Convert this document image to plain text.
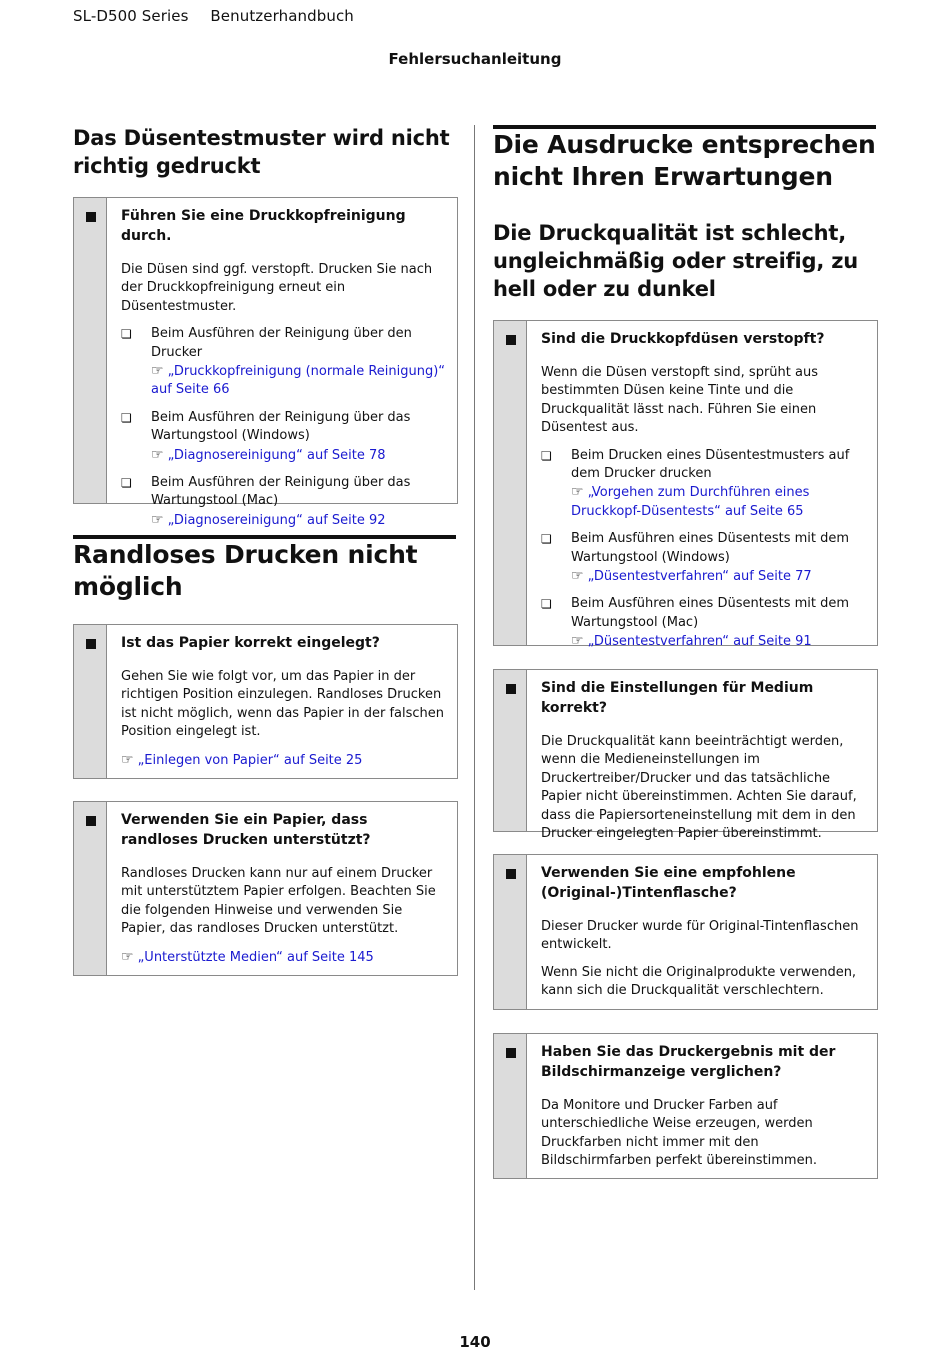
SL-D500 Series Benutzerhandbuch
Fehlersuchanleitung
Das Düsentestmuster wird nicht richtig gedruckt
Führen Sie eine Druckkopfreinigung durch.
Die Düsen sind ggf. verstopft. Drucken Sie nach der Druckkopfreinigung erneut ein Düsentestmuster.
❏	Beim Ausführen der Reinigung über den Drucker
☞ „Druckkopfreinigung (normale Reinigung)“ auf Seite 66
❏	Beim Ausführen der Reinigung über das Wartungstool (Windows)
☞ „Diagnosereinigung“ auf Seite 78
❏	Beim Ausführen der Reinigung über das Wartungstool (Mac)
☞ „Diagnosereinigung“ auf Seite 92
Randloses Drucken nicht möglich
Ist das Papier korrekt eingelegt?
Gehen Sie wie folgt vor, um das Papier in der richtigen Position einzulegen. Randloses Drucken ist nicht möglich, wenn das Papier in der falschen Position eingelegt ist.
☞ „Einlegen von Papier“ auf Seite 25
Verwenden Sie ein Papier, dass randloses Drucken unterstützt?
Randloses Drucken kann nur auf einem Drucker mit unterstütztem Papier erfolgen. Beachten Sie die folgenden Hinweise und verwenden Sie Papier, das randloses Drucken unterstützt.
☞ „Unterstützte Medien“ auf Seite 145
Die Ausdrucke entsprechen nicht Ihren Erwartungen
Die Druckqualität ist schlecht, ungleichmäßig oder streifig, zu hell oder zu dunkel
Sind die Druckkopfdüsen verstopft?
Wenn die Düsen verstopft sind, sprüht aus bestimmten Düsen keine Tinte und die Druckqualität lässt nach. Führen Sie einen Düsentest aus.
❏	Beim Drucken eines Düsentestmusters auf dem Drucker drucken
☞ „Vorgehen zum Durchführen eines Druckkopf-Düsentests“ auf Seite 65
❏	Beim Ausführen eines Düsentests mit dem Wartungstool (Windows)
☞ „Düsentestverfahren“ auf Seite 77
❏	Beim Ausführen eines Düsentests mit dem Wartungstool (Mac)
☞ „Düsentestverfahren“ auf Seite 91
Sind die Einstellungen für Medium korrekt?
Die Druckqualität kann beeinträchtigt werden, wenn die Medieneinstellungen im Druckertreiber/Drucker und das tatsächliche Papier nicht übereinstimmen. Achten Sie darauf, dass die Papiersorteneinstellung mit dem in den Drucker eingelegten Papier übereinstimmt.
Verwenden Sie eine empfohlene (Original-)Tintenflasche?
Dieser Drucker wurde für Original-Tintenflaschen entwickelt.
Wenn Sie nicht die Originalprodukte verwenden, kann sich die Druckqualität verschlechtern.
Haben Sie das Druckergebnis mit der Bildschirmanzeige verglichen?
Da Monitore und Drucker Farben auf unterschiedliche Weise erzeugen, werden Druckfarben nicht immer mit den Bildschirmfarben perfekt übereinstimmen.
140
